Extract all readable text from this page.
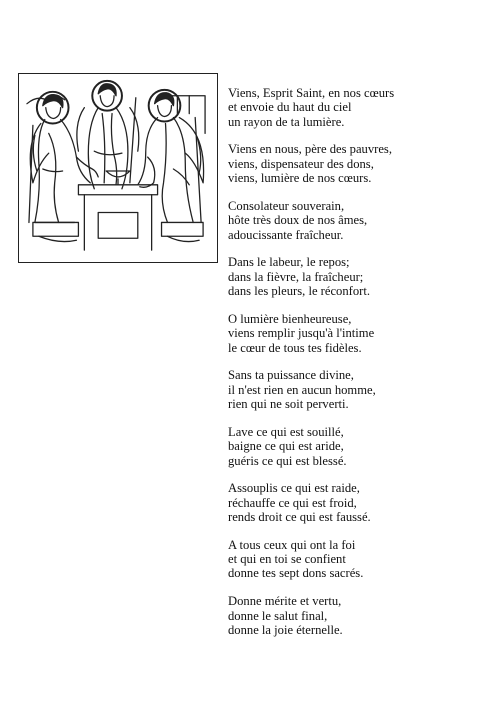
Viens, Esprit Saint, en nos cœurs
et envoie du haut du ciel
un rayon de ta lumière.
Viens en nous, père des pauvres,
viens, dispensateur des dons,
viens, lumière de nos cœurs.
Consolateur souverain,
hôte très doux de nos âmes,
adoucissante fraîcheur.
Dans le labeur, le repos;
dans la fièvre, la fraîcheur;
dans les pleurs, le réconfort.
O lumière bienheureuse,
viens remplir jusqu'à l'intime
le cœur de tous tes fidèles.
Sans ta puissance divine,
il n'est rien en aucun homme,
rien qui ne soit perverti.
Lave ce qui est souillé,
baigne ce qui est aride,
guéris ce qui est blessé.
Assouplis ce qui est raide,
réchauffe ce qui est froid,
rends droit ce qui est faussé.
A tous ceux qui ont la foi
et qui en toi se confient
donne tes sept dons sacrés.
Donne mérite et vertu,
donne le salut final,
donne la joie éternelle.
